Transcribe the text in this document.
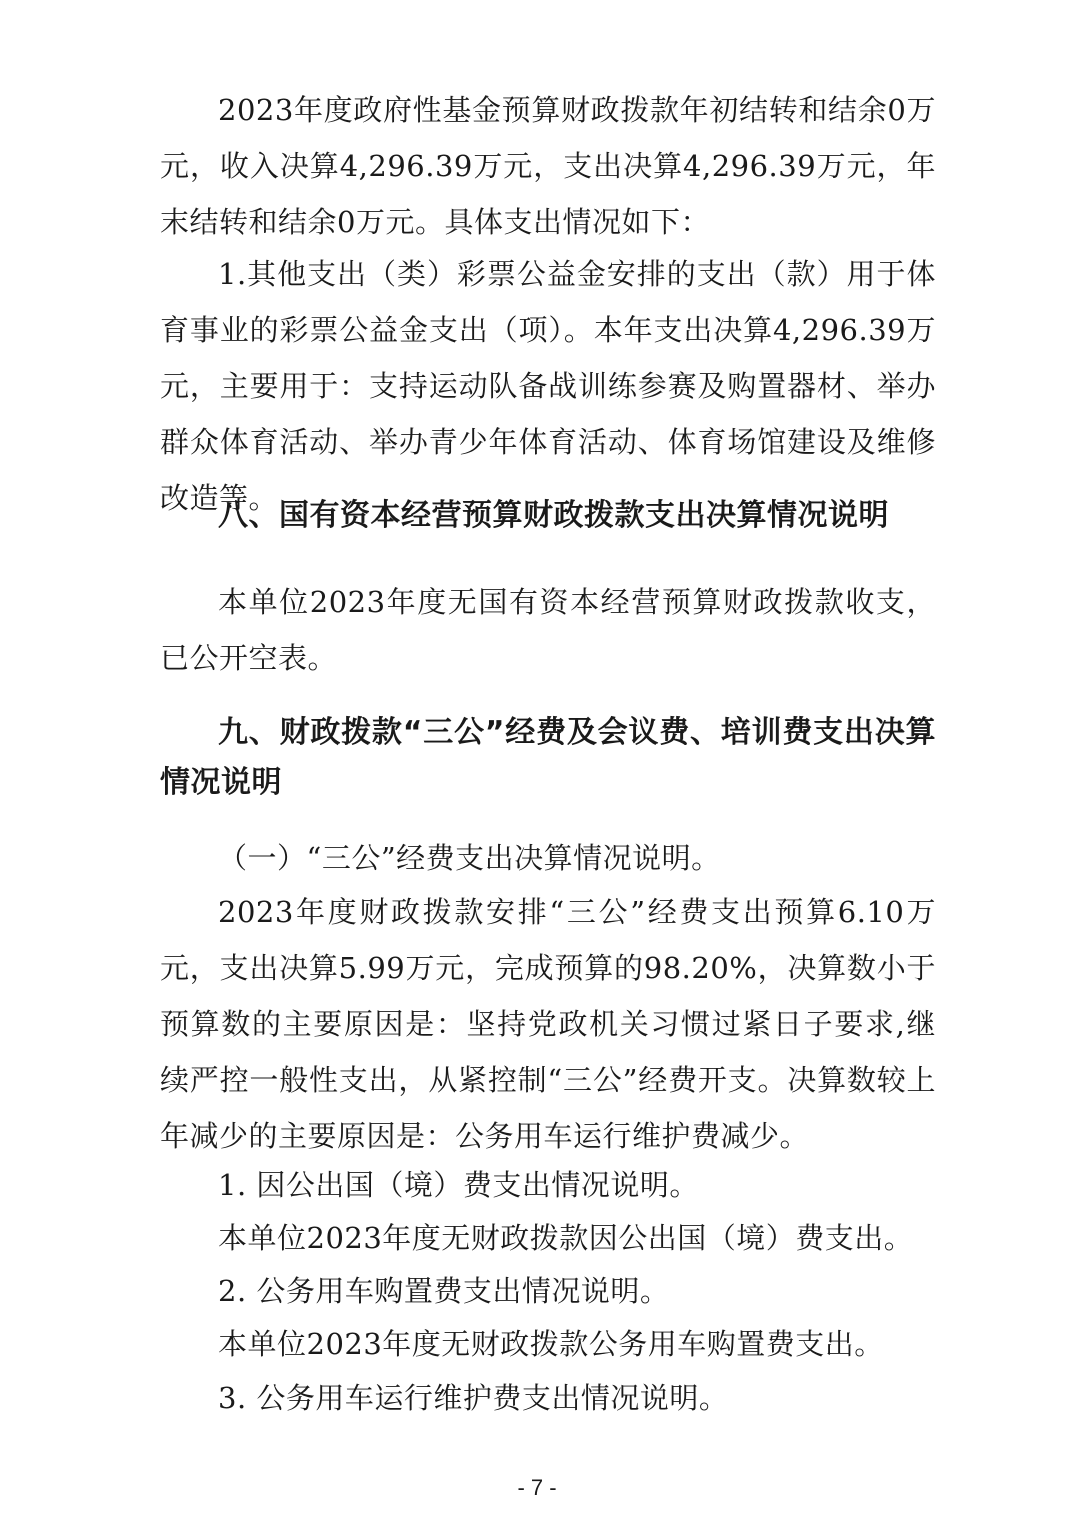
2023年度政府性基金预算财政拨款年初结转和结余0万元，收入决算4,296.39万元，支出决算4,296.39万元，年末结转和结余0万元。具体支出情况如下：

1.其他支出（类）彩票公益金安排的支出（款）用于体育事业的彩票公益金支出（项）。本年支出决算4,296.39万元，主要用于：支持运动队备战训练参赛及购置器材、举办群众体育活动、举办青少年体育活动、体育场馆建设及维修改造等。

八、国有资本经营预算财政拨款支出决算情况说明

本单位2023年度无国有资本经营预算财政拨款收支，已公开空表。

九、财政拨款“三公”经费及会议费、培训费支出决算情况说明

（一）“三公”经费支出决算情况说明。

2023年度财政拨款安排“三公”经费支出预算6.10万元，支出决算5.99万元，完成预算的98.20%，决算数小于预算数的主要原因是：坚持党政机关习惯过紧日子要求,继续严控一般性支出，从紧控制“三公”经费开支。决算数较上年减少的主要原因是：公务用车运行维护费减少。

1. 因公出国（境）费支出情况说明。

本单位2023年度无财政拨款因公出国（境）费支出。

2. 公务用车购置费支出情况说明。

本单位2023年度无财政拨款公务用车购置费支出。

3. 公务用车运行维护费支出情况说明。

- 7 -
